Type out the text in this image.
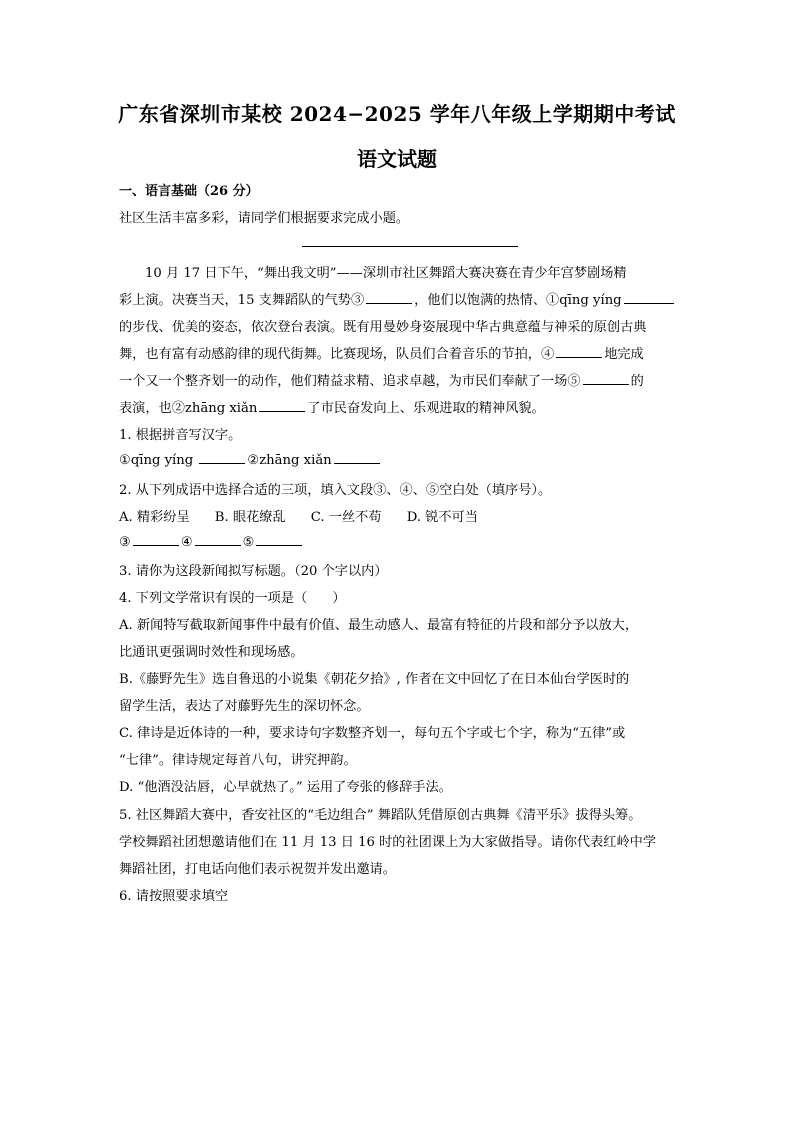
广东省深圳市某校 2024−2025 学年八年级上学期期中考试
语文试题
一、语言基础（26 分）
社区生活丰富多彩，请同学们根据要求完成小题。
10 月 17 日下午，“舞出我文明”——深圳市社区舞蹈大赛决赛在青少年宫梦剧场精
彩上演。决赛当天，15 支舞蹈队的气势③	，他们以饱满的热情、①qīng yíng
的步伐、优美的姿态，依次登台表演。既有用曼妙身姿展现中华古典意蕴与神采的原创古典
舞，也有富有动感韵律的现代街舞。比赛现场，队员们合着音乐的节拍，④	地完成
一个又一个整齐划一的动作，他们精益求精、追求卓越，为市民们奉献了一场⑤	的
表演，也②zhāng xiǎn	了市民奋发向上、乐观进取的精神风貌。
1. 根据拼音写汉字。
①qīng yíng	②zhāng xiǎn
2. 从下列成语中选择合适的三项，填入文段③、④、⑤空白处（填序号）。
A. 精彩纷呈      B. 眼花缭乱      C. 一丝不苟      D. 锐不可当
③	④	⑤
3. 请你为这段新闻拟写标题。（20 个字以内）
4. 下列文学常识有误的一项是（      ）
A. 新闻特写截取新闻事件中最有价值、最生动感人、最富有特征的片段和部分予以放大，
比通讯更强调时效性和现场感。
B.《藤野先生》选自鲁迅的小说集《朝花夕拾》, 作者在文中回忆了在日本仙台学医时的
留学生活，表达了对藤野先生的深切怀念。
C. 律诗是近体诗的一种，要求诗句字数整齐划一，每句五个字或七个字，称为“五律”或
“七律”。律诗规定每首八句，讲究押韵。
D. “他酒没沾唇，心早就热了。” 运用了夸张的修辞手法。
5. 社区舞蹈大赛中，香安社区的“毛边组合” 舞蹈队凭借原创古典舞《清平乐》拔得头筹。
学校舞蹈社团想邀请他们在 11 月 13 日 16 时的社团课上为大家做指导。请你代表红岭中学
舞蹈社团，打电话向他们表示祝贺并发出邀请。
6. 请按照要求填空
